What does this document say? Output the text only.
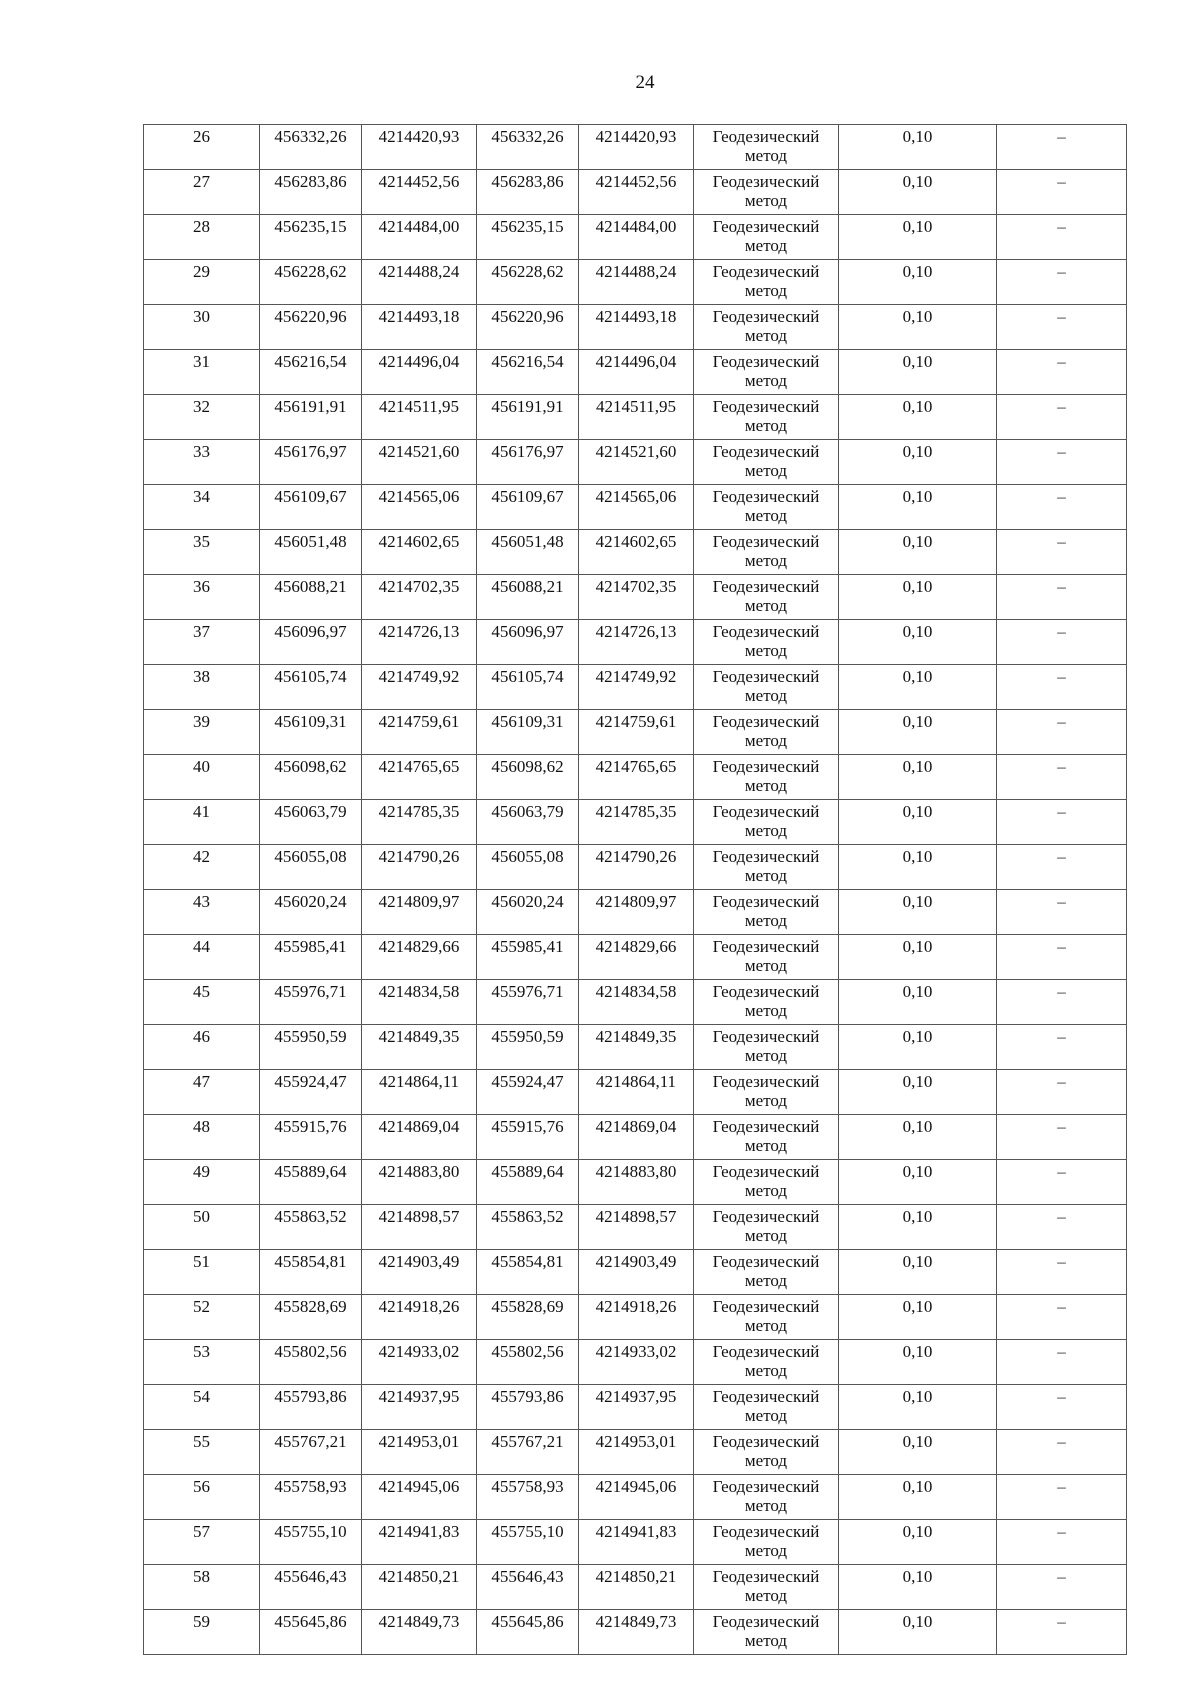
24
26	456332,26	4214420,93	456332,26	4214420,93	Геодезический метод	0,10	–
27	456283,86	4214452,56	456283,86	4214452,56	Геодезический метод	0,10	–
28	456235,15	4214484,00	456235,15	4214484,00	Геодезический метод	0,10	–
29	456228,62	4214488,24	456228,62	4214488,24	Геодезический метод	0,10	–
30	456220,96	4214493,18	456220,96	4214493,18	Геодезический метод	0,10	–
31	456216,54	4214496,04	456216,54	4214496,04	Геодезический метод	0,10	–
32	456191,91	4214511,95	456191,91	4214511,95	Геодезический метод	0,10	–
33	456176,97	4214521,60	456176,97	4214521,60	Геодезический метод	0,10	–
34	456109,67	4214565,06	456109,67	4214565,06	Геодезический метод	0,10	–
35	456051,48	4214602,65	456051,48	4214602,65	Геодезический метод	0,10	–
36	456088,21	4214702,35	456088,21	4214702,35	Геодезический метод	0,10	–
37	456096,97	4214726,13	456096,97	4214726,13	Геодезический метод	0,10	–
38	456105,74	4214749,92	456105,74	4214749,92	Геодезический метод	0,10	–
39	456109,31	4214759,61	456109,31	4214759,61	Геодезический метод	0,10	–
40	456098,62	4214765,65	456098,62	4214765,65	Геодезический метод	0,10	–
41	456063,79	4214785,35	456063,79	4214785,35	Геодезический метод	0,10	–
42	456055,08	4214790,26	456055,08	4214790,26	Геодезический метод	0,10	–
43	456020,24	4214809,97	456020,24	4214809,97	Геодезический метод	0,10	–
44	455985,41	4214829,66	455985,41	4214829,66	Геодезический метод	0,10	–
45	455976,71	4214834,58	455976,71	4214834,58	Геодезический метод	0,10	–
46	455950,59	4214849,35	455950,59	4214849,35	Геодезический метод	0,10	–
47	455924,47	4214864,11	455924,47	4214864,11	Геодезический метод	0,10	–
48	455915,76	4214869,04	455915,76	4214869,04	Геодезический метод	0,10	–
49	455889,64	4214883,80	455889,64	4214883,80	Геодезический метод	0,10	–
50	455863,52	4214898,57	455863,52	4214898,57	Геодезический метод	0,10	–
51	455854,81	4214903,49	455854,81	4214903,49	Геодезический метод	0,10	–
52	455828,69	4214918,26	455828,69	4214918,26	Геодезический метод	0,10	–
53	455802,56	4214933,02	455802,56	4214933,02	Геодезический метод	0,10	–
54	455793,86	4214937,95	455793,86	4214937,95	Геодезический метод	0,10	–
55	455767,21	4214953,01	455767,21	4214953,01	Геодезический метод	0,10	–
56	455758,93	4214945,06	455758,93	4214945,06	Геодезический метод	0,10	–
57	455755,10	4214941,83	455755,10	4214941,83	Геодезический метод	0,10	–
58	455646,43	4214850,21	455646,43	4214850,21	Геодезический метод	0,10	–
59	455645,86	4214849,73	455645,86	4214849,73	Геодезический метод	0,10	–
